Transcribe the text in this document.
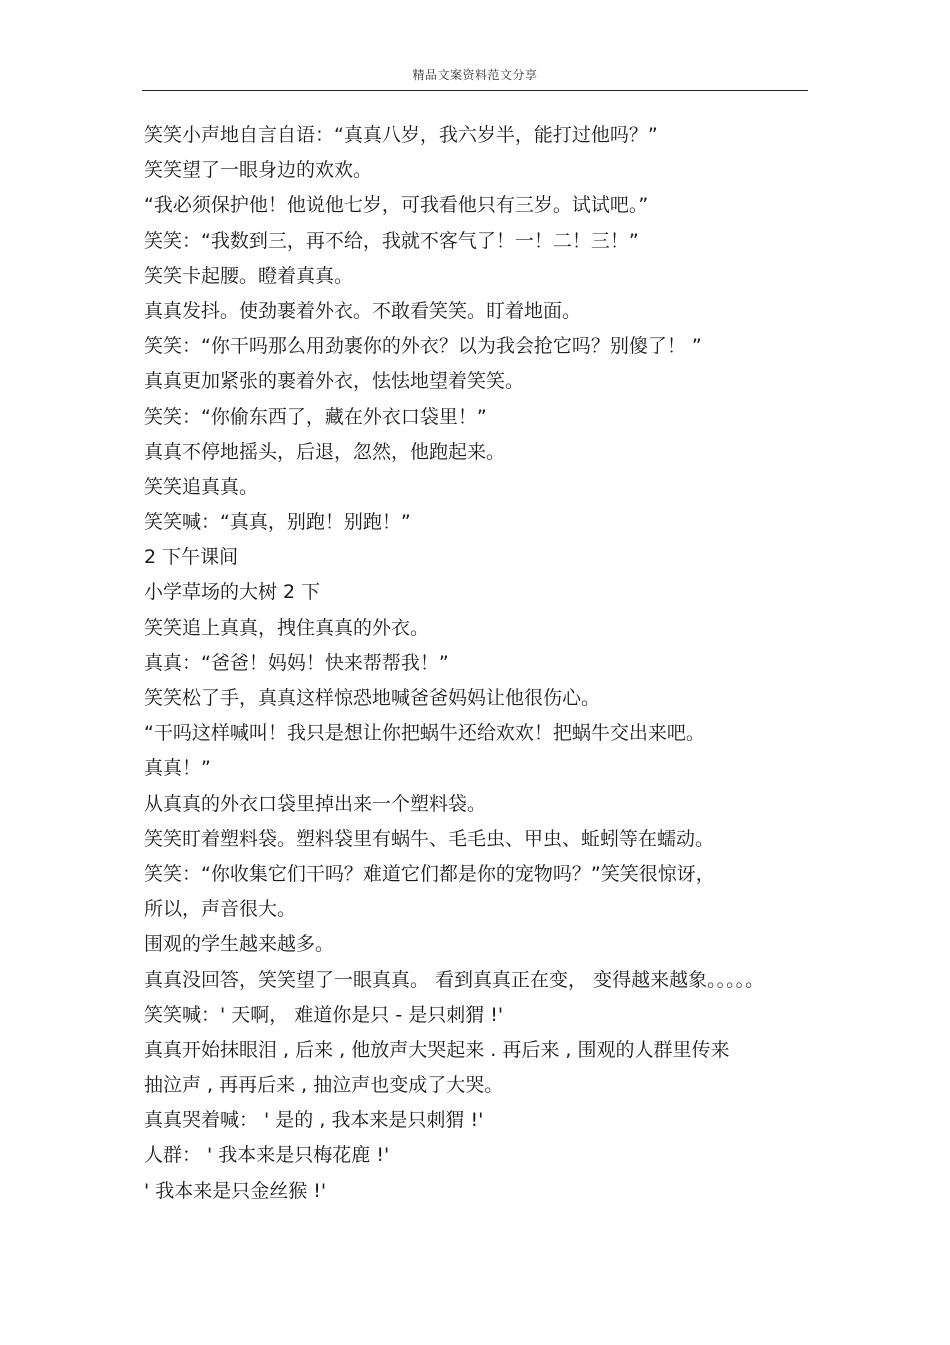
精品文案资料范文分享
笑笑小声地自言自语：“真真八岁，我六岁半，能打过他吗？”
笑笑望了一眼身边的欢欢。
“我必须保护他！他说他七岁，可我看他只有三岁。试试吧。”
笑笑：“我数到三，再不给，我就不客气了！一！二！三！”
笑笑卡起腰。瞪着真真。
真真发抖。使劲裹着外衣。不敢看笑笑。盯着地面。
笑笑：“你干吗那么用劲裹你的外衣？以为我会抢它吗？别傻了！ ”
真真更加紧张的裹着外衣，怯怯地望着笑笑。
笑笑：“你偷东西了，藏在外衣口袋里！”
真真不停地摇头，后退，忽然，他跑起来。
笑笑追真真。
笑笑喊：“真真，别跑！别跑！”
2 下午课间
小学草场的大树 2 下
笑笑追上真真，拽住真真的外衣。
真真：“爸爸！妈妈！快来帮帮我！”
笑笑松了手，真真这样惊恐地喊爸爸妈妈让他很伤心。
“干吗这样喊叫！我只是想让你把蜗牛还给欢欢！把蜗牛交出来吧。
真真！”
从真真的外衣口袋里掉出来一个塑料袋。
笑笑盯着塑料袋。塑料袋里有蜗牛、毛毛虫、甲虫、蚯蚓等在蠕动。
笑笑：“你收集它们干吗？难道它们都是你的宠物吗？”笑笑很惊讶，
所以，声音很大。
围观的学生越来越多。
真真没回答，笑笑望了一眼真真。 看到真真正在变， 变得越来越象。。。。。
笑笑喊：' 天啊， 难道你是只 - 是只刺猬 !'
真真开始抹眼泪 , 后来 , 他放声大哭起来 . 再后来 , 围观的人群里传来
抽泣声 , 再再后来 , 抽泣声也变成了大哭。
真真哭着喊： ' 是的 , 我本来是只刺猬 !'
人群： ' 我本来是只梅花鹿 !'
' 我本来是只金丝猴 !'
